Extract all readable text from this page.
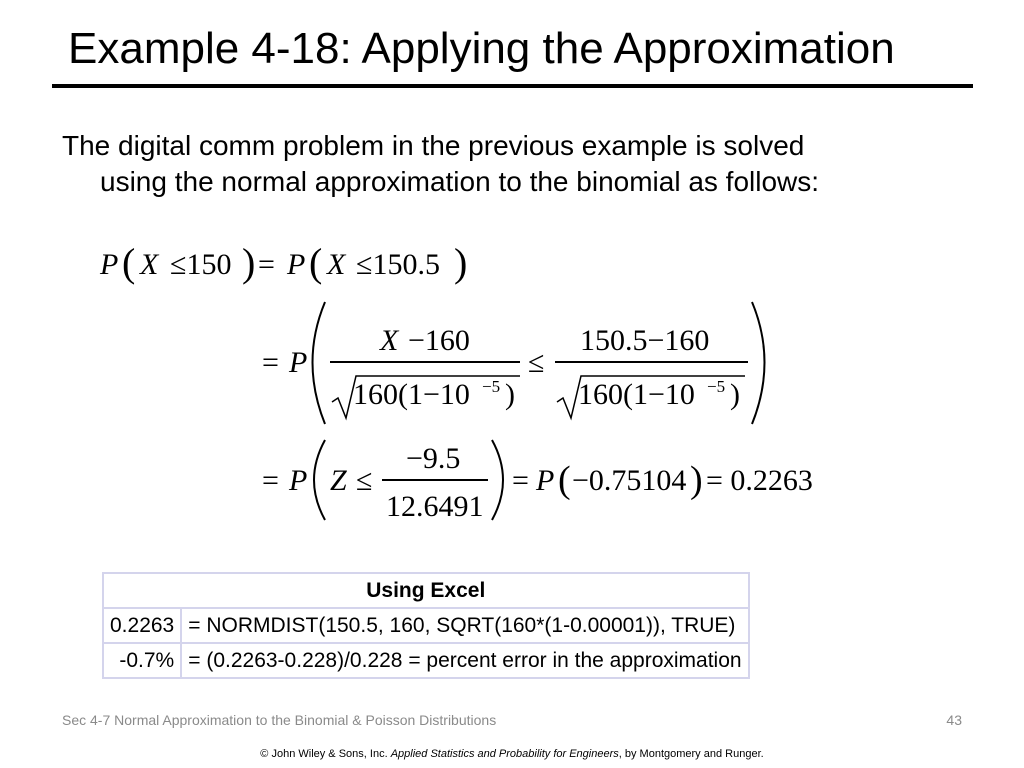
Example 4-18: Applying the Approximation
The digital comm problem in the previous example is solved
using the normal approximation to the binomial as follows:
P ( X ≤150 ) = P ( X ≤150.5 )
= P
X −160
160(1−10 −5 )
≤
150.5−160
160(1−10 −5 )
= P Z ≤
−9.5
12.6491
= P ( −0.75104 ) = 0.2263
Using Excel	
0.2263	= NORMDIST(150.5, 160, SQRT(160*(1-0.00001)), TRUE)
-0.7%	= (0.2263-0.228)/0.228 = percent error in the approximation
Sec 4-7 Normal Approximation to the Binomial & Poisson Distributions	43
© John Wiley & Sons, Inc. Applied Statistics and Probability for Engineers, by Montgomery and Runger.
